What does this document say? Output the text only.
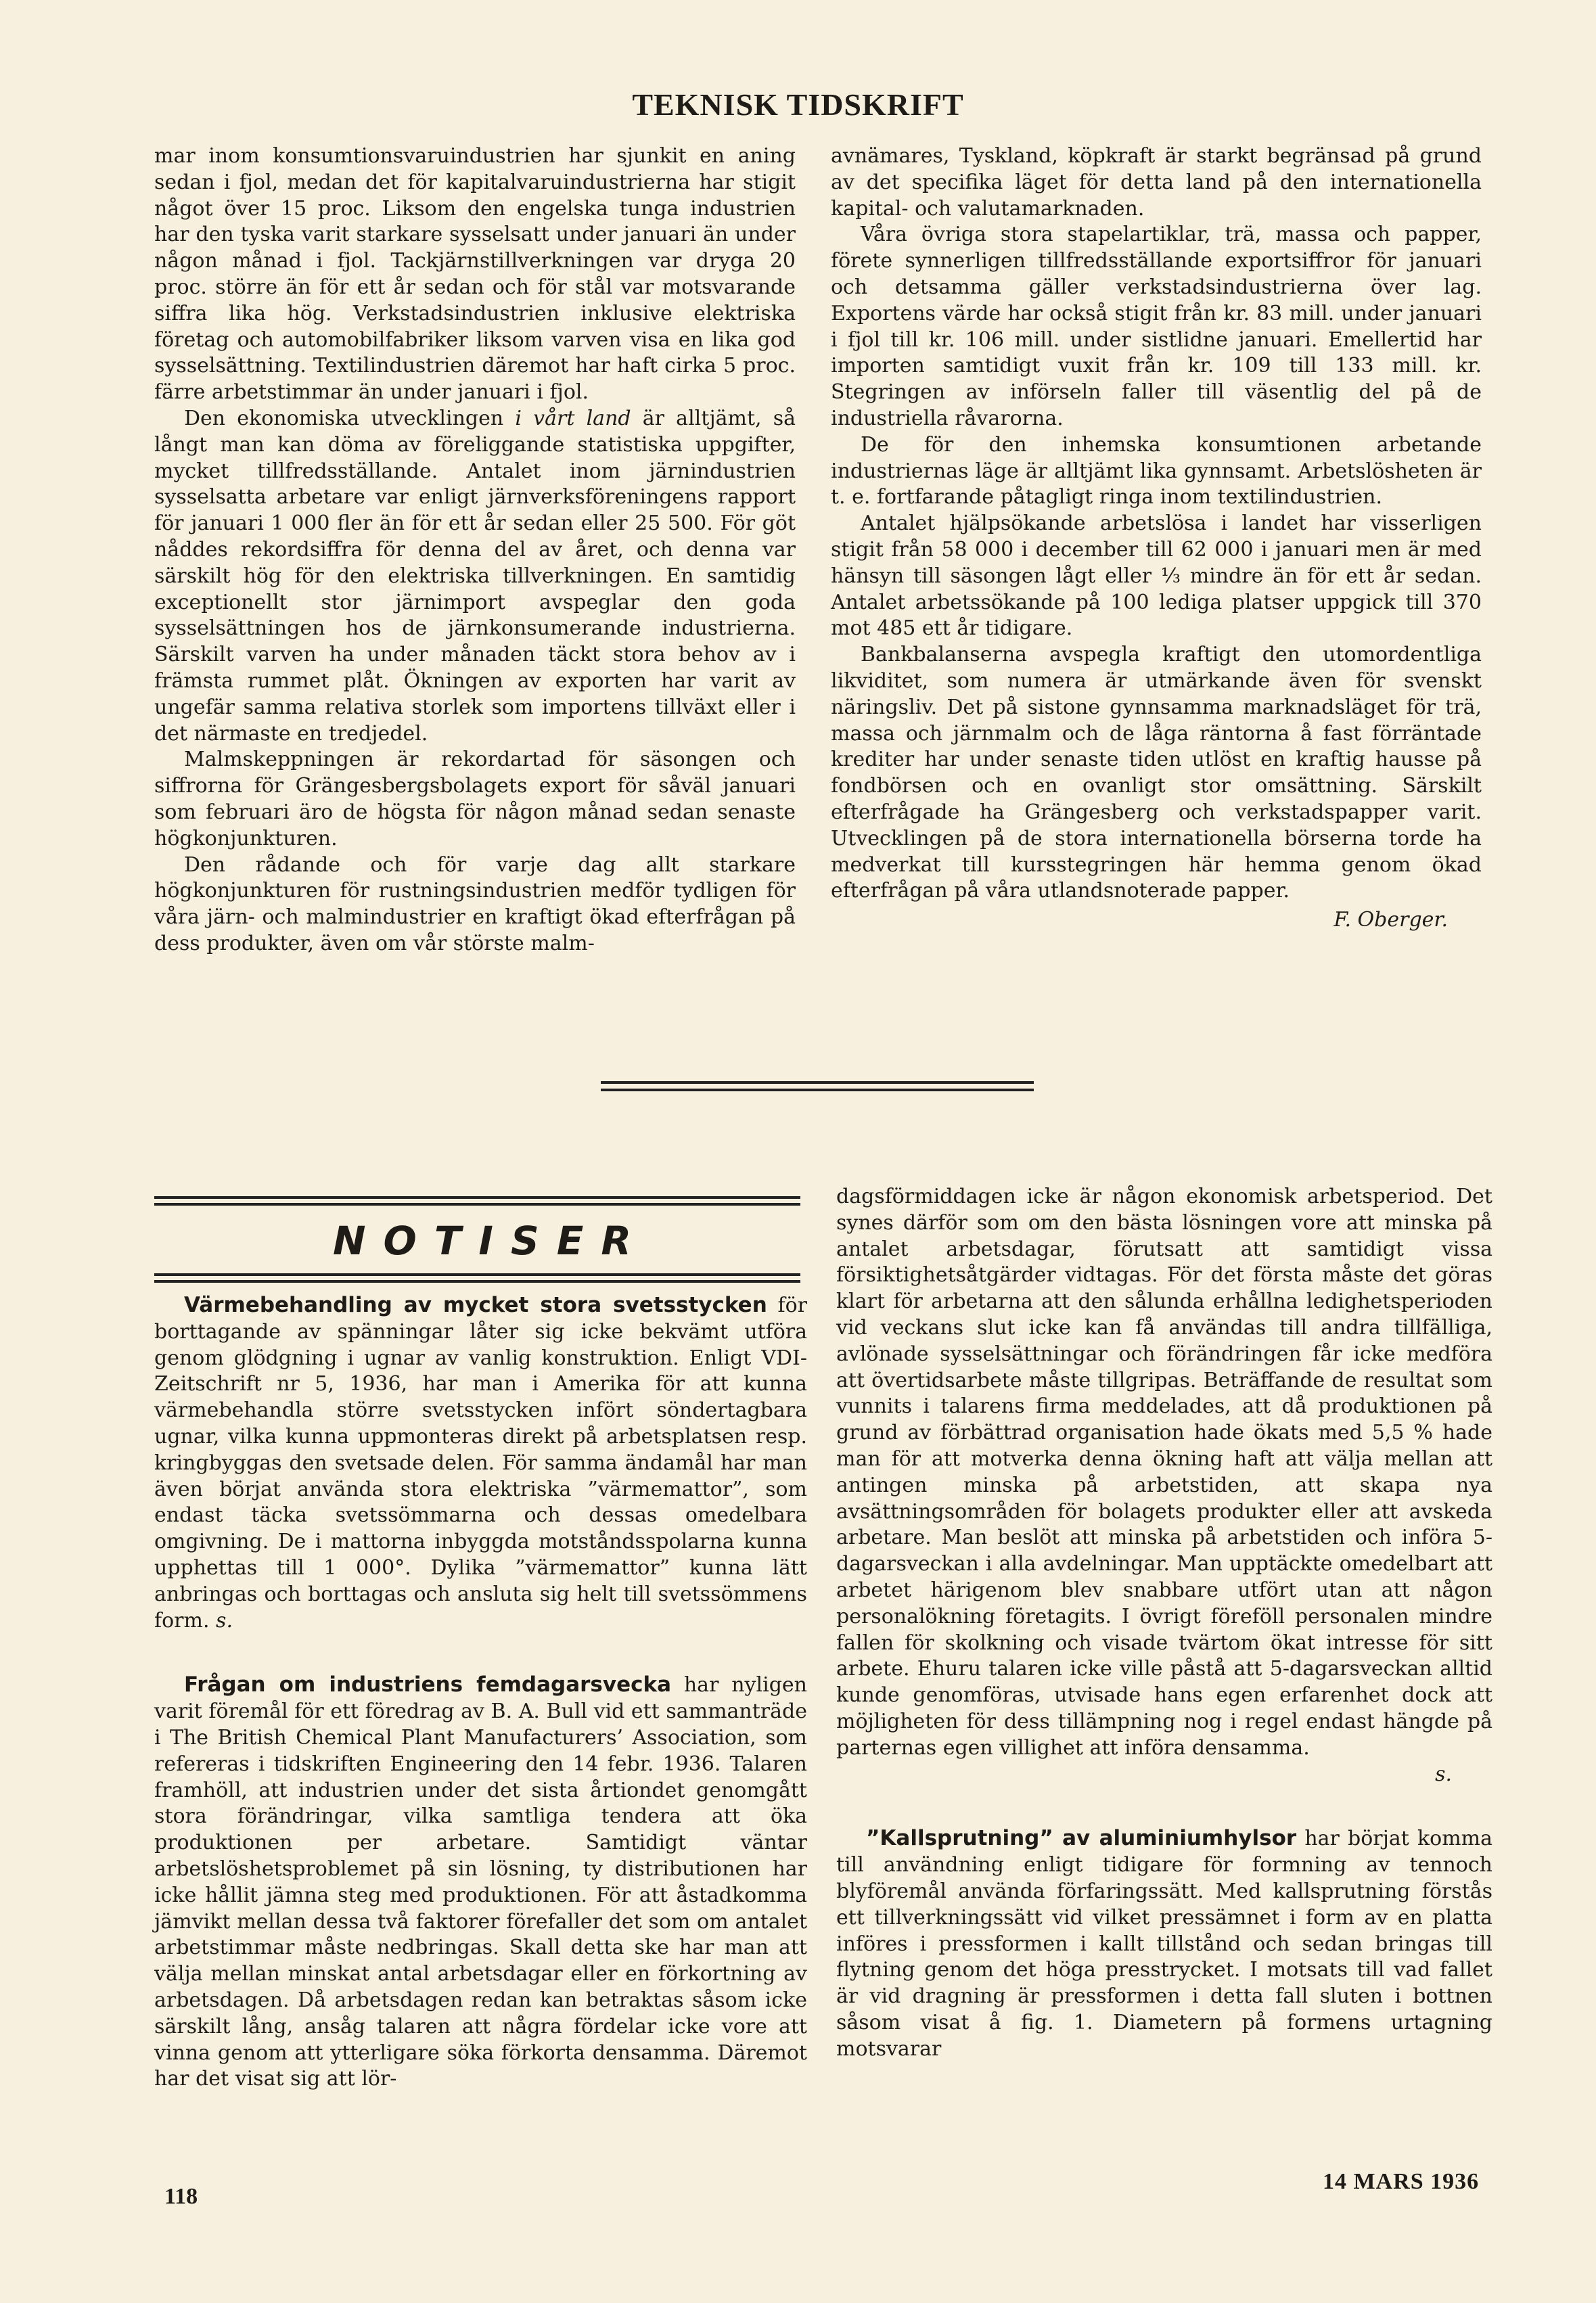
TEKNISK TIDSKRIFT

mar inom konsumtionsvaruindustrien har sjunkit en aning sedan i fjol, medan det för kapitalvaruindustrierna har stigit något över 15 proc. Liksom den engelska tunga industrien har den tyska varit starkare sysselsatt under januari än under någon månad i fjol. Tackjärnstillverkningen var dryga 20 proc. större än för ett år sedan och för stål var motsvarande siffra lika hög. Verkstadsindustrien inklusive elektriska företag och automobilfabriker liksom varven visa en lika god sysselsättning. Textilindustrien däremot har haft cirka 5 proc. färre arbetstimmar än under januari i fjol.

Den ekonomiska utvecklingen i vårt land är alltjämt, så långt man kan döma av föreliggande statistiska uppgifter, mycket tillfredsställande. Antalet inom järnindustrien sysselsatta arbetare var enligt järnverksföreningens rapport för januari 1 000 fler än för ett år sedan eller 25 500. För göt nåddes rekordsiffra för denna del av året, och denna var särskilt hög för den elektriska tillverkningen. En samtidig exceptionellt stor järnimport avspeglar den goda sysselsättningen hos de järnkonsumerande industrierna. Särskilt varven ha under månaden täckt stora behov av i främsta rummet plåt. Ökningen av exporten har varit av ungefär samma relativa storlek som importens tillväxt eller i det närmaste en tredjedel.

Malmskeppningen är rekordartad för säsongen och siffrorna för Grängesbergsbolagets export för såväl januari som februari äro de högsta för någon månad sedan senaste högkonjunkturen.

Den rådande och för varje dag allt starkare högkonjunkturen för rustningsindustrien medför tydligen för våra järn- och malmindustrier en kraftigt ökad efterfrågan på dess produkter, även om vår störste malm-

avnämares, Tyskland, köpkraft är starkt begränsad på grund av det specifika läget för detta land på den internationella kapital- och valutamarknaden.

Våra övriga stora stapelartiklar, trä, massa och papper, förete synnerligen tillfredsställande exportsiffror för januari och detsamma gäller verkstadsindustrierna över lag. Exportens värde har också stigit från kr. 83 mill. under januari i fjol till kr. 106 mill. under sistlidne januari. Emellertid har importen samtidigt vuxit från kr. 109 till 133 mill. kr. Stegringen av införseln faller till väsentlig del på de industriella råvarorna.

De för den inhemska konsumtionen arbetande industriernas läge är alltjämt lika gynnsamt. Arbetslösheten är t. e. fortfarande påtagligt ringa inom textilindustrien.

Antalet hjälpsökande arbetslösa i landet har visserligen stigit från 58 000 i december till 62 000 i januari men är med hänsyn till säsongen lågt eller ⅓ mindre än för ett år sedan. Antalet arbetssökande på 100 lediga platser uppgick till 370 mot 485 ett år tidigare.

Bankbalanserna avspegla kraftigt den utomordentliga likviditet, som numera är utmärkande även för svenskt näringsliv. Det på sistone gynnsamma marknadsläget för trä, massa och järnmalm och de låga räntorna å fast förräntade krediter har under senaste tiden utlöst en kraftig hausse på fondbörsen och en ovanligt stor omsättning. Särskilt efterfrågade ha Grängesberg och verkstadspapper varit. Utvecklingen på de stora internationella börserna torde ha medverkat till kursstegringen här hemma genom ökad efterfrågan på våra utlandsnoterade papper.

F. Oberger.
NOTISER

Värmebehandling av mycket stora svetsstycken för borttagande av spänningar låter sig icke bekvämt utföra genom glödgning i ugnar av vanlig konstruktion. Enligt VDI-Zeitschrift nr 5, 1936, har man i Amerika för att kunna värmebehandla större svetsstycken infört söndertagbara ugnar, vilka kunna uppmonteras direkt på arbetsplatsen resp. kringbyggas den svetsade delen. För samma ändamål har man även börjat använda stora elektriska ”värmemattor”, som endast täcka svetssömmarna och dessas omedelbara omgivning. De i mattorna inbyggda motståndsspolarna kunna upphettas till 1 000°. Dylika ”värmemattor” kunna lätt anbringas och borttagas och ansluta sig helt till svetssömmens form. s.

Frågan om industriens femdagarsvecka har nyligen varit föremål för ett föredrag av B. A. Bull vid ett sammanträde i The British Chemical Plant Manufacturers’ Association, som refereras i tidskriften Engineering den 14 febr. 1936. Talaren framhöll, att industrien under det sista årtiondet genomgått stora förändringar, vilka samtliga tendera att öka produktionen per arbetare. Samtidigt väntar arbetslöshetsproblemet på sin lösning, ty distributionen har icke hållit jämna steg med produktionen. För att åstadkomma jämvikt mellan dessa två faktorer förefaller det som om antalet arbetstimmar måste nedbringas. Skall detta ske har man att välja mellan minskat antal arbetsdagar eller en förkortning av arbetsdagen. Då arbetsdagen redan kan betraktas såsom icke särskilt lång, ansåg talaren att några fördelar icke vore att vinna genom att ytterligare söka förkorta densamma. Däremot har det visat sig att lör-

dagsförmiddagen icke är någon ekonomisk arbetsperiod. Det synes därför som om den bästa lösningen vore att minska på antalet arbetsdagar, förutsatt att samtidigt vissa försiktighetsåtgärder vidtagas. För det första måste det göras klart för arbetarna att den sålunda erhållna ledighetsperioden vid veckans slut icke kan få användas till andra tillfälliga, avlönade sysselsättningar och förändringen får icke medföra att övertidsarbete måste tillgripas. Beträffande de resultat som vunnits i talarens firma meddelades, att då produktionen på grund av förbättrad organisation hade ökats med 5,5 % hade man för att motverka denna ökning haft att välja mellan att antingen minska på arbetstiden, att skapa nya avsättningsområden för bolagets produkter eller att avskeda arbetare. Man beslöt att minska på arbetstiden och införa 5-dagarsveckan i alla avdelningar. Man upptäckte omedelbart att arbetet härigenom blev snabbare utfört utan att någon personalökning företagits. I övrigt föreföll personalen mindre fallen för skolkning och visade tvärtom ökat intresse för sitt arbete. Ehuru talaren icke ville påstå att 5-dagarsveckan alltid kunde genomföras, utvisade hans egen erfarenhet dock att möjligheten för dess tillämpning nog i regel endast hängde på parternas egen villighet att införa densamma.

s.

”Kallsprutning” av aluminiumhylsor har börjat komma till användning enligt tidigare för formning av tennoch blyföremål använda förfaringssätt. Med kallsprutning förstås ett tillverkningssätt vid vilket pressämnet i form av en platta införes i pressformen i kallt tillstånd och sedan bringas till flytning genom det höga presstrycket. I motsats till vad fallet är vid dragning är pressformen i detta fall sluten i bottnen såsom visat å fig. 1. Diametern på formens urtagning motsvarar

118
14 MARS 1936
